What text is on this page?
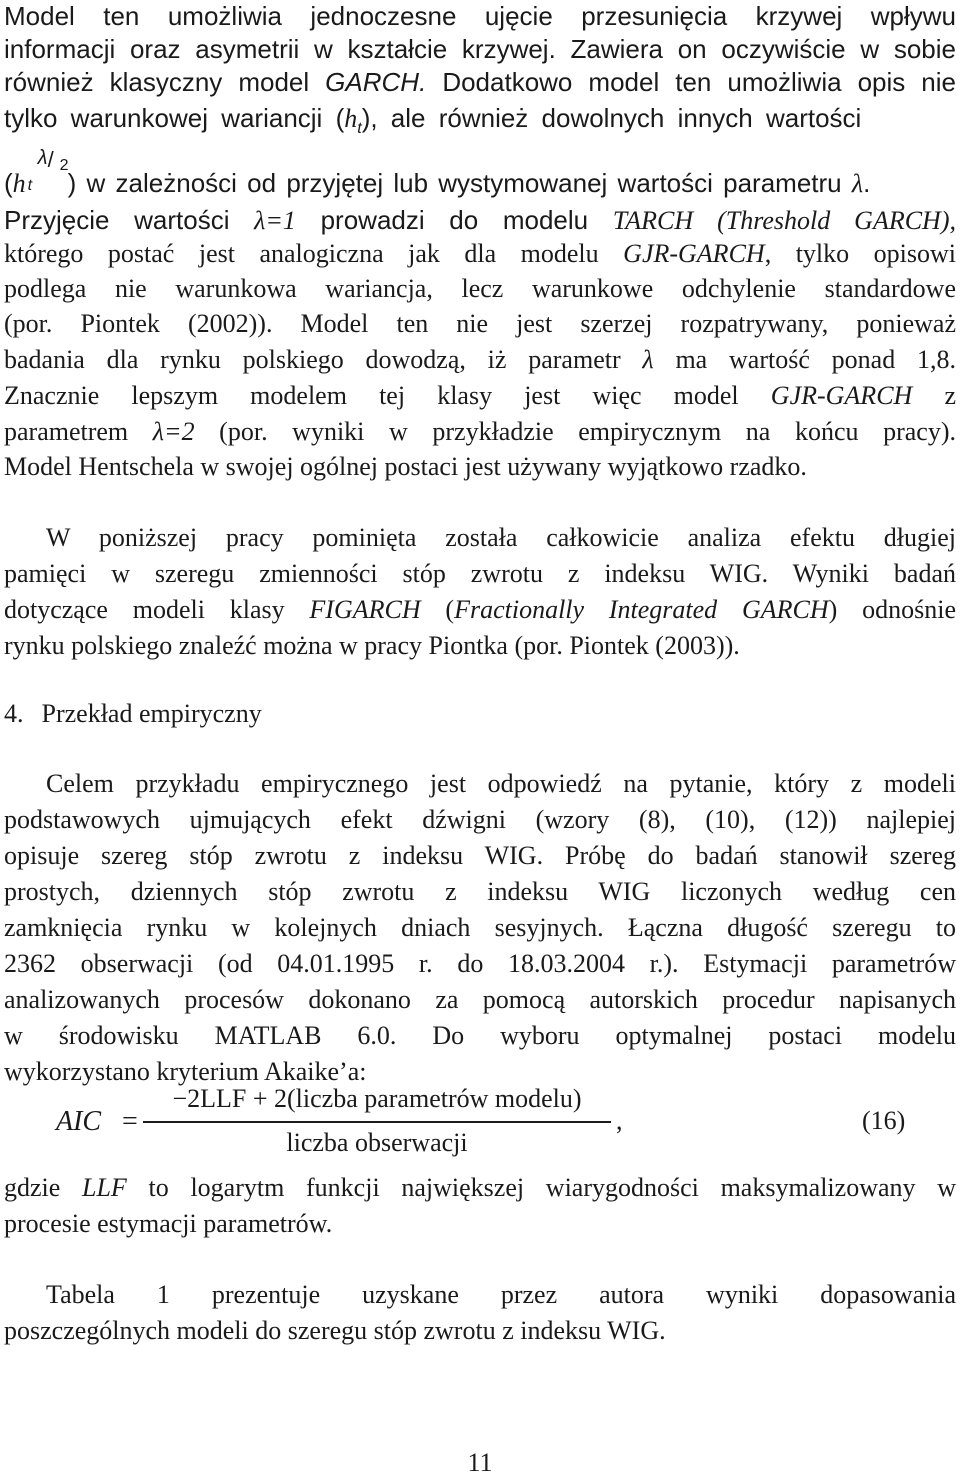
Model ten umożliwia jednoczesne ujęcie przesunięcia krzywej wpływu
informacji oraz asymetrii w kształcie krzywej. Zawiera on oczywiście w sobie
również klasyczny model GARCH. Dodatkowo model ten umożliwia opis nie
tylko warunkowej wariancji $(h_t)$, ale również dowolnych innych wartości
(h
λ / 2
t ) w zależności od przyjętej lub wystymowanej wartości parametru λ.
Przyjęcie wartości λ=1 prowadzi do modelu TARCH (Threshold GARCH),
którego postać jest analogiczna jak dla modelu GJR-GARCH, tylko opisowi
podlega nie warunkowa wariancja, lecz warunkowe odchylenie standardowe
(por. Piontek (2002)). Model ten nie jest szerzej rozpatrywany, ponieważ
badania dla rynku polskiego dowodzą, iż parametr λ ma wartość ponad 1,8.
Znacznie lepszym modelem tej klasy jest więc model GJR-GARCH z
parametrem λ=2 (por. wyniki w przykładzie empirycznym na końcu pracy).
Model Hentschela w swojej ogólnej postaci jest używany wyjątkowo rzadko.
W poniższej pracy pominięta została całkowicie analiza efektu długiej
pamięci w szeregu zmienności stóp zwrotu z indeksu WIG. Wyniki badań
dotyczące modeli klasy FIGARCH (Fractionally Integrated GARCH) odnośnie
rynku polskiego znaleźć można w pracy Piontka (por. Piontek (2003)).
4. Przekład empiryczny
Celem przykładu empirycznego jest odpowiedź na pytanie, który z modeli
podstawowych ujmujących efekt dźwigni (wzory (8), (10), (12)) najlepiej
opisuje szereg stóp zwrotu z indeksu WIG. Próbę do badań stanowił szereg
prostych, dziennych stóp zwrotu z indeksu WIG liczonych według cen
zamknięcia rynku w kolejnych dniach sesyjnych. Łączna długość szeregu to
2362 obserwacji (od 04.01.1995 r. do 18.03.2004 r.). Estymacji parametrów
analizowanych procesów dokonano za pomocą autorskich procedur napisanych
w środowisku MATLAB 6.0. Do wyboru optymalnej postaci modelu
wykorzystano kryterium Akaike’a:
AIC =
−2LLF + 2(liczba parametrów modelu)
liczba obserwacji
,	(16)
gdzie LLF to logarytm funkcji największej wiarygodności maksymalizowany w
procesie estymacji parametrów.
Tabela 1 prezentuje uzyskane przez autora wyniki dopasowania
poszczególnych modeli do szeregu stóp zwrotu z indeksu WIG.
11
